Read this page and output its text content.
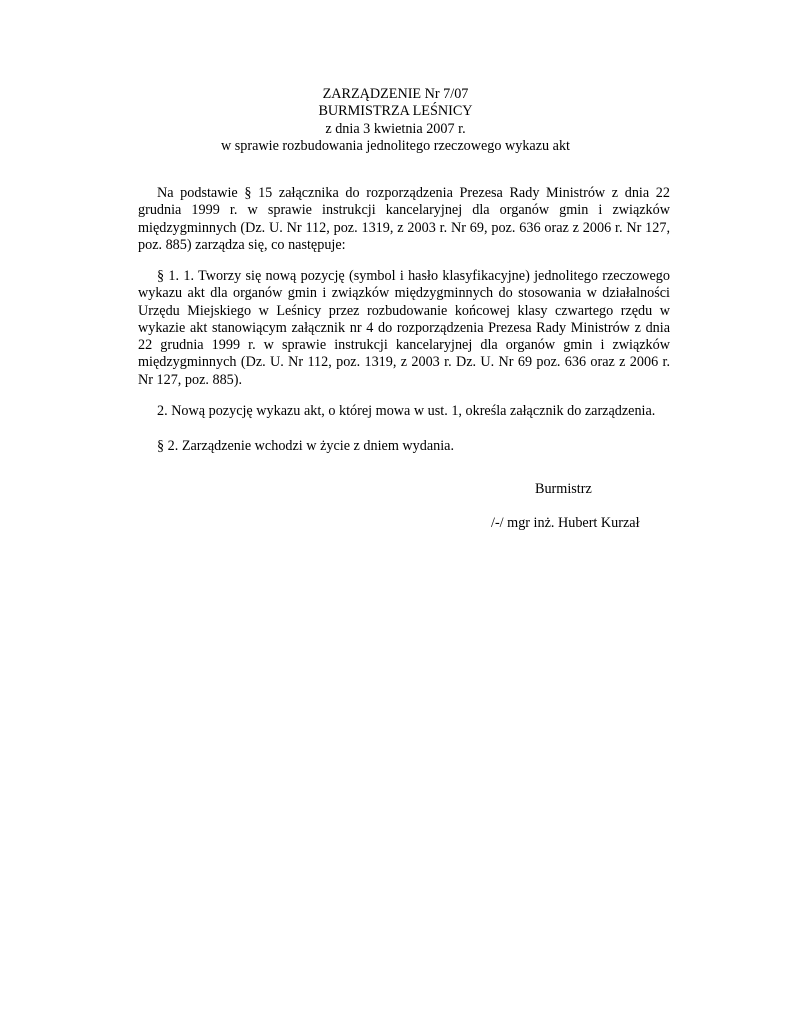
ZARZĄDZENIE Nr 7/07
BURMISTRZA LEŚNICY
z dnia 3 kwietnia 2007 r.
w sprawie rozbudowania jednolitego rzeczowego wykazu akt
Na podstawie § 15 załącznika do rozporządzenia Prezesa Rady Ministrów z dnia 22 grudnia 1999 r. w sprawie instrukcji kancelaryjnej dla organów gmin i związków międzygminnych (Dz. U. Nr 112, poz. 1319, z 2003 r. Nr 69, poz. 636 oraz z 2006 r. Nr 127, poz. 885) zarządza się, co następuje:
§ 1. 1. Tworzy się nową pozycję (symbol i hasło klasyfikacyjne) jednolitego rzeczowego wykazu akt dla organów gmin i związków międzygminnych do stosowania w działalności Urzędu Miejskiego w Leśnicy przez rozbudowanie końcowej klasy czwartego rzędu w wykazie akt stanowiącym załącznik nr 4 do rozporządzenia Prezesa Rady Ministrów z dnia 22 grudnia 1999 r. w sprawie instrukcji kancelaryjnej dla organów gmin i związków międzygminnych (Dz. U. Nr 112, poz. 1319, z 2003 r. Dz. U. Nr 69 poz. 636 oraz z 2006 r. Nr 127, poz. 885).
2. Nową pozycję wykazu akt, o której mowa w ust. 1, określa załącznik do zarządzenia.
§ 2. Zarządzenie wchodzi w życie z dniem wydania.
Burmistrz
/-/ mgr inż. Hubert Kurzał
